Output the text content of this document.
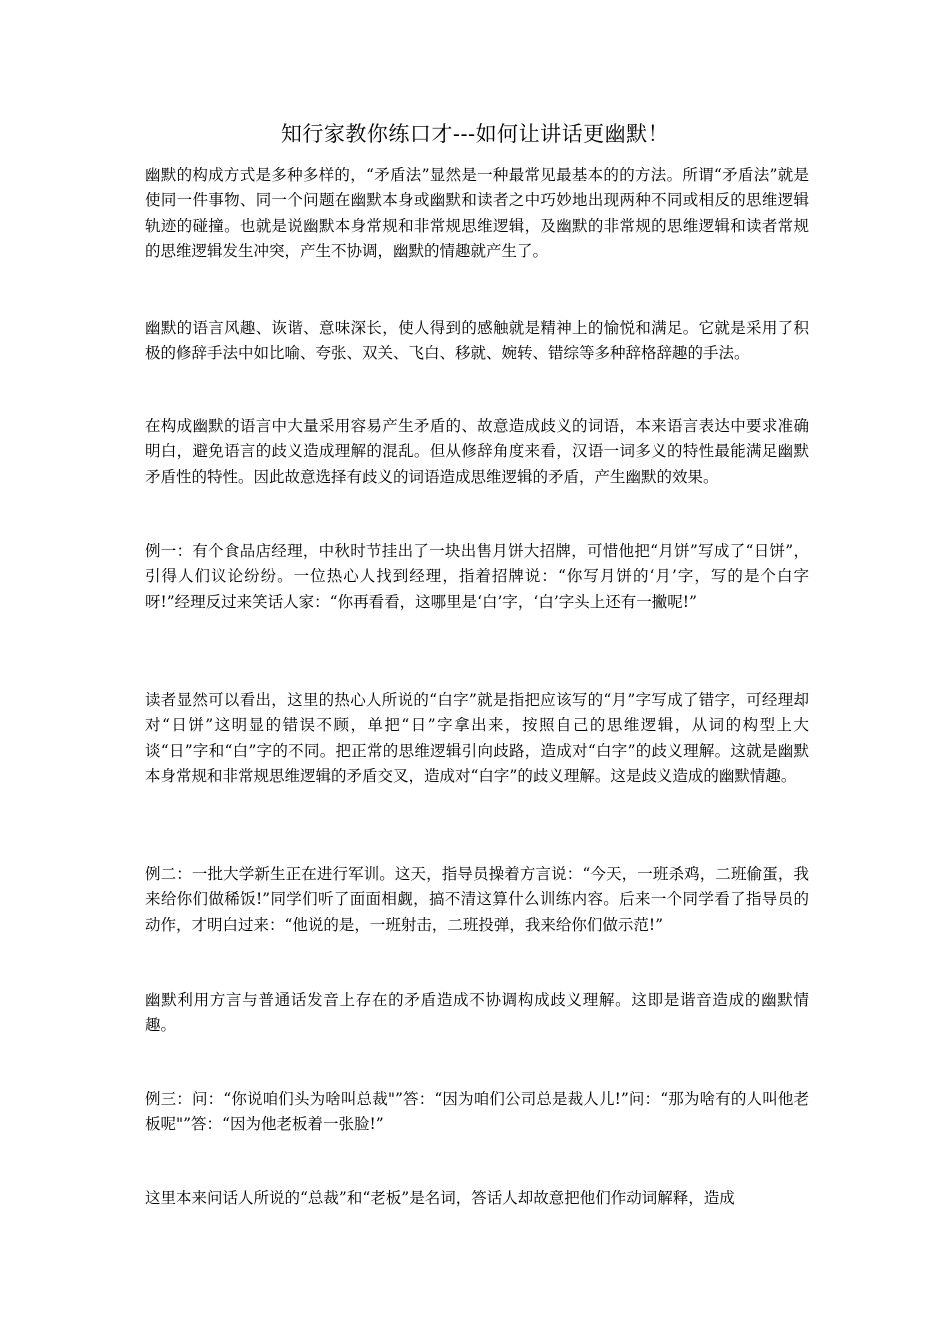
知行家教你练口才---如何让讲话更幽默！

幽默的构成方式是多种多样的，“矛盾法”显然是一种最常见最基本的的方法。所谓“矛盾法”就是使同一件事物、同一个问题在幽默本身或幽默和读者之中巧妙地出现两种不同或相反的思维逻辑轨迹的碰撞。也就是说幽默本身常规和非常规思维逻辑，及幽默的非常规的思维逻辑和读者常规的思维逻辑发生冲突，产生不协调，幽默的情趣就产生了。

幽默的语言风趣、诙谐、意味深长，使人得到的感触就是精神上的愉悦和满足。它就是采用了积极的修辞手法中如比喻、夸张、双关、飞白、移就、婉转、错综等多种辞格辞趣的手法。

在构成幽默的语言中大量采用容易产生矛盾的、故意造成歧义的词语，本来语言表达中要求准确明白，避免语言的歧义造成理解的混乱。但从修辞角度来看，汉语一词多义的特性最能满足幽默矛盾性的特性。因此故意选择有歧义的词语造成思维逻辑的矛盾，产生幽默的效果。

例一：有个食品店经理，中秋时节挂出了一块出售月饼大招牌，可惜他把“月饼”写成了“日饼”，引得人们议论纷纷。一位热心人找到经理，指着招牌说：“你写月饼的‘月’字，写的是个白字呀!”经理反过来笑话人家：“你再看看，这哪里是‘白’字，‘白’字头上还有一撇呢!”

读者显然可以看出，这里的热心人所说的“白字”就是指把应该写的“月”字写成了错字，可经理却对“日饼”这明显的错误不顾，单把“日”字拿出来，按照自己的思维逻辑，从词的构型上大谈“日”字和“白”字的不同。把正常的思维逻辑引向歧路，造成对“白字”的歧义理解。这就是幽默本身常规和非常规思维逻辑的矛盾交叉，造成对“白字”的歧义理解。这是歧义造成的幽默情趣。

例二：一批大学新生正在进行军训。这天，指导员操着方言说：“今天，一班杀鸡，二班偷蛋，我来给你们做稀饭!”同学们听了面面相觑，搞不清这算什么训练内容。后来一个同学看了指导员的动作，才明白过来：“他说的是，一班射击，二班投弹，我来给你们做示范!”

幽默利用方言与普通话发音上存在的矛盾造成不协调构成歧义理解。这即是谐音造成的幽默情趣。

例三：问：“你说咱们头为啥叫总裁"”答：“因为咱们公司总是裁人儿!”问：“那为啥有的人叫他老板呢"”答：“因为他老板着一张脸!”

这里本来问话人所说的“总裁”和“老板”是名词，答话人却故意把他们作动词解释，造成
